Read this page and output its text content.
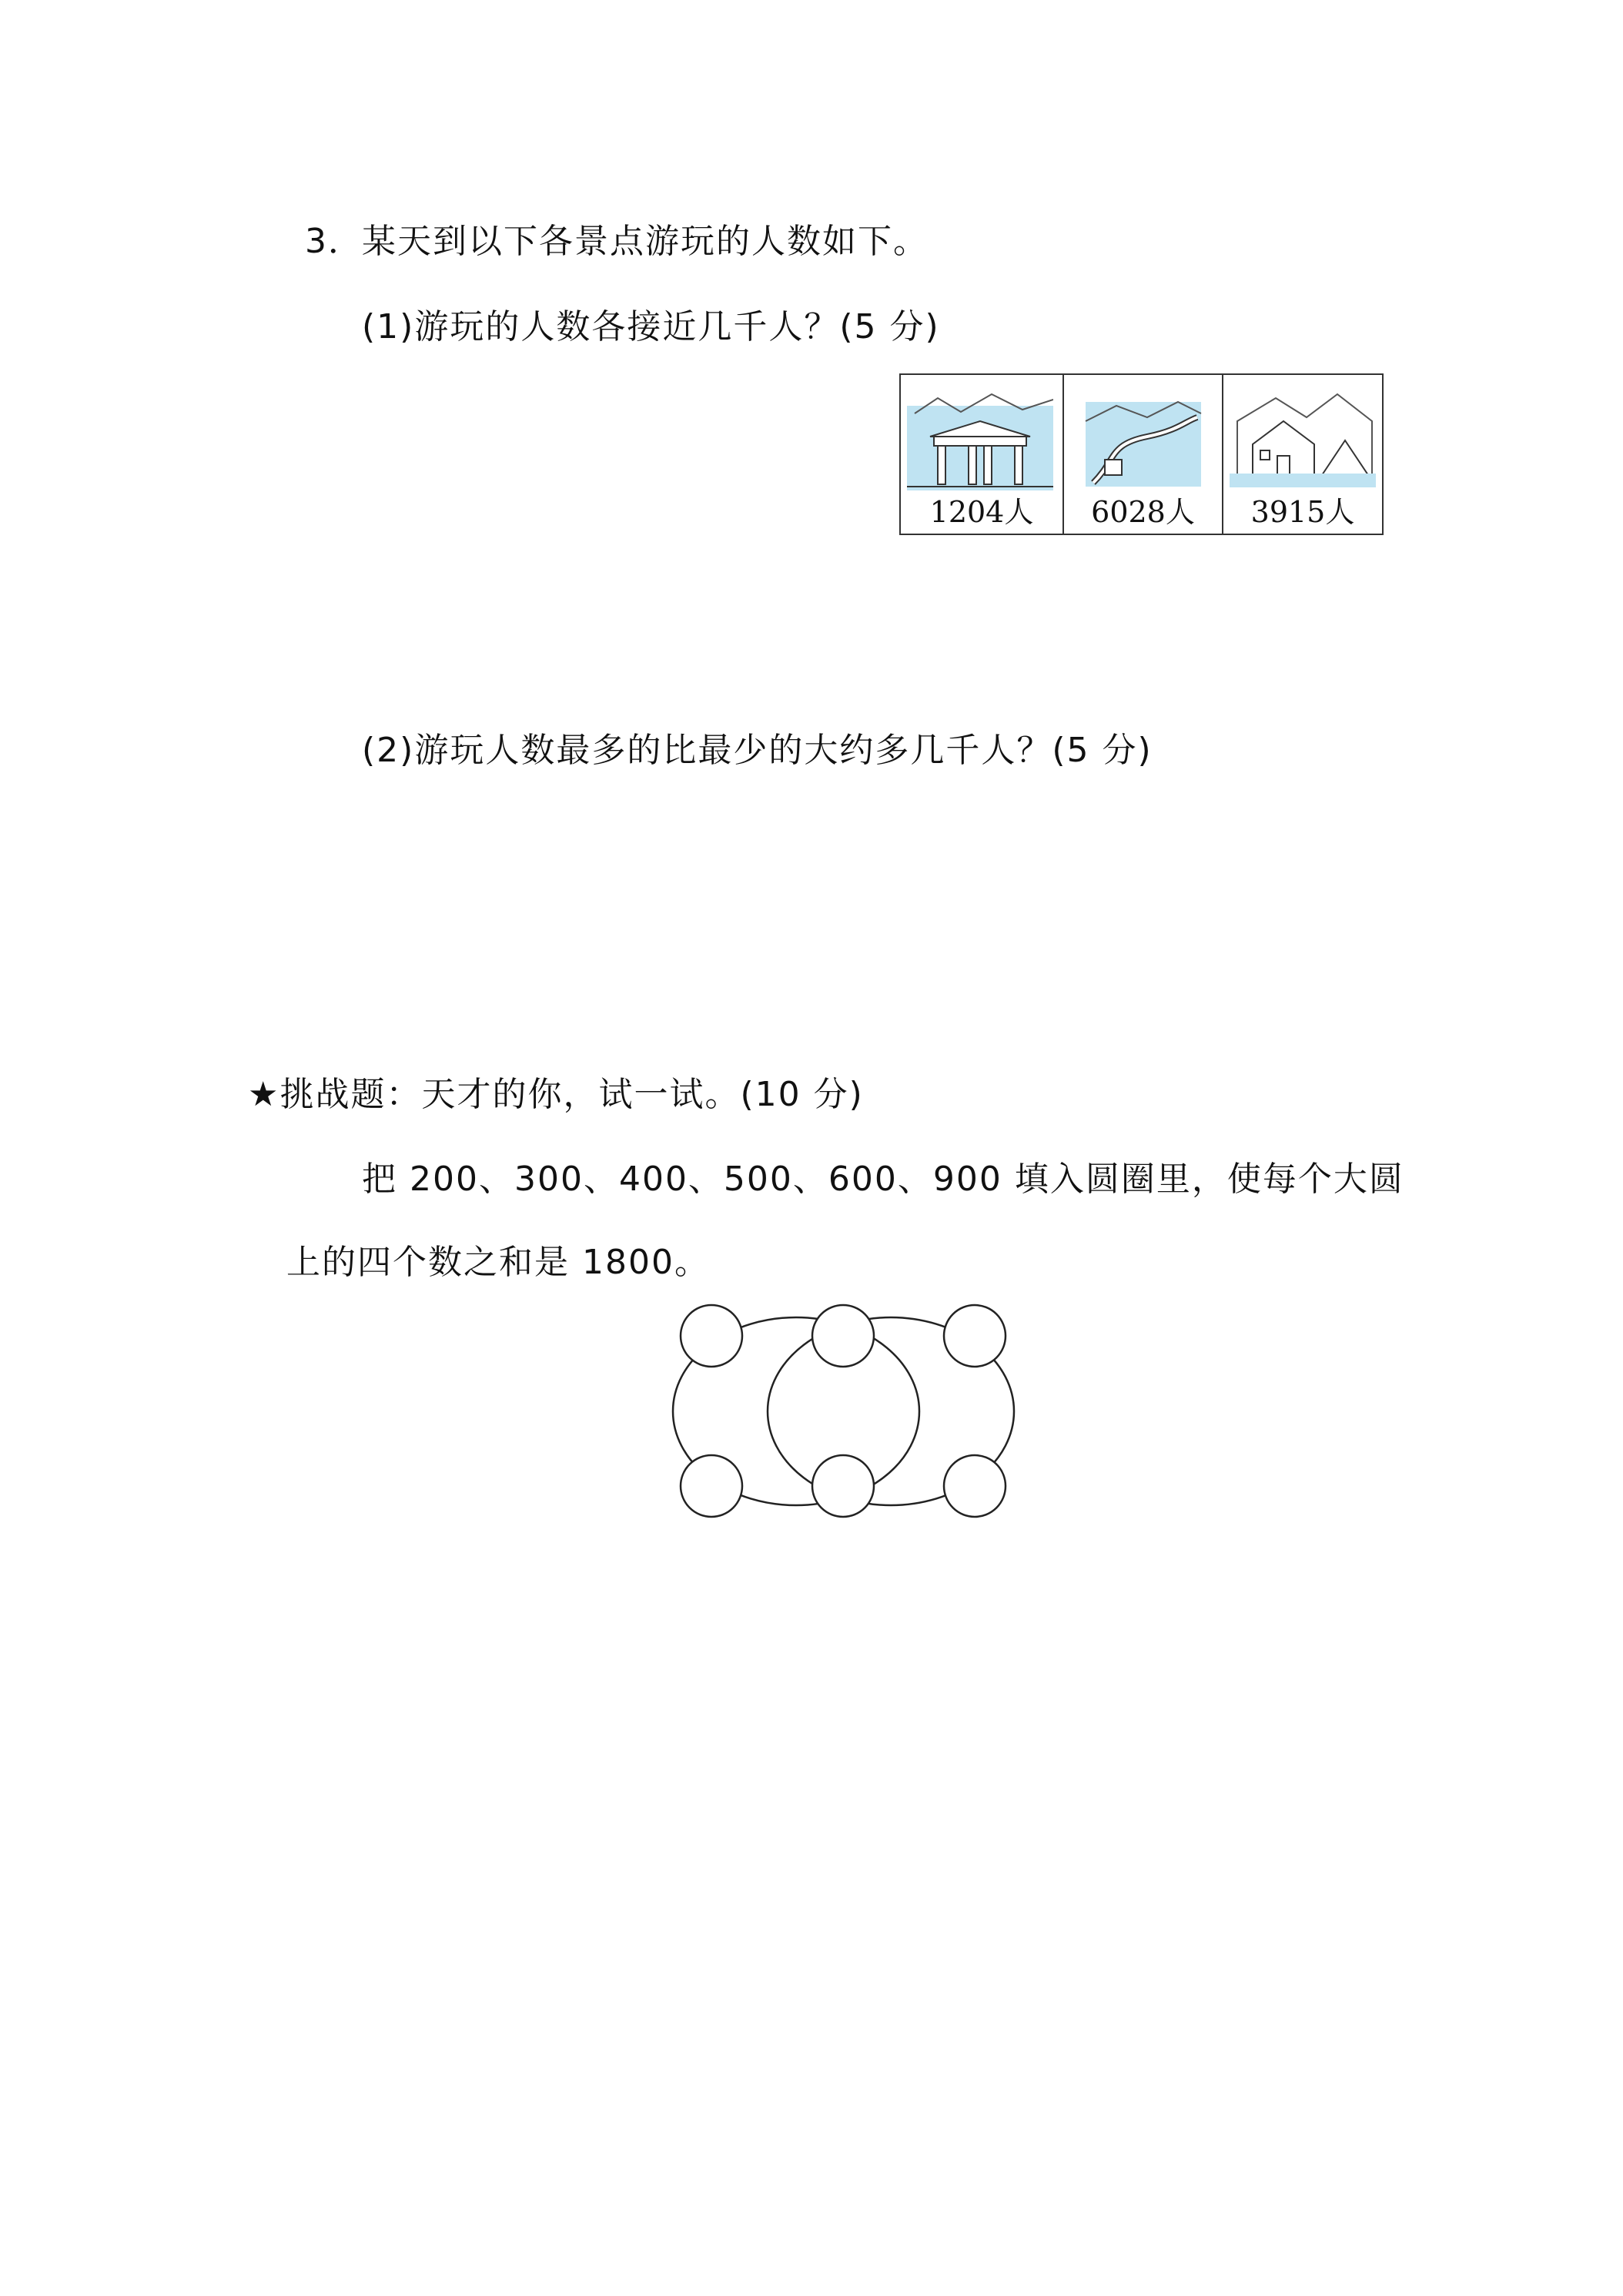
3．
某天到以下各景点游玩的人数如下。
(1)游玩的人数各接近几千人？(5 分)
1204人	6028人	3915人
(2)游玩人数最多的比最少的大约多几千人？(5 分)
★挑战题：天才的你，试一试。(10 分)
把 200、300、400、500、600、900 填入圆圈里，使每个大圆
上的四个数之和是 1800。
